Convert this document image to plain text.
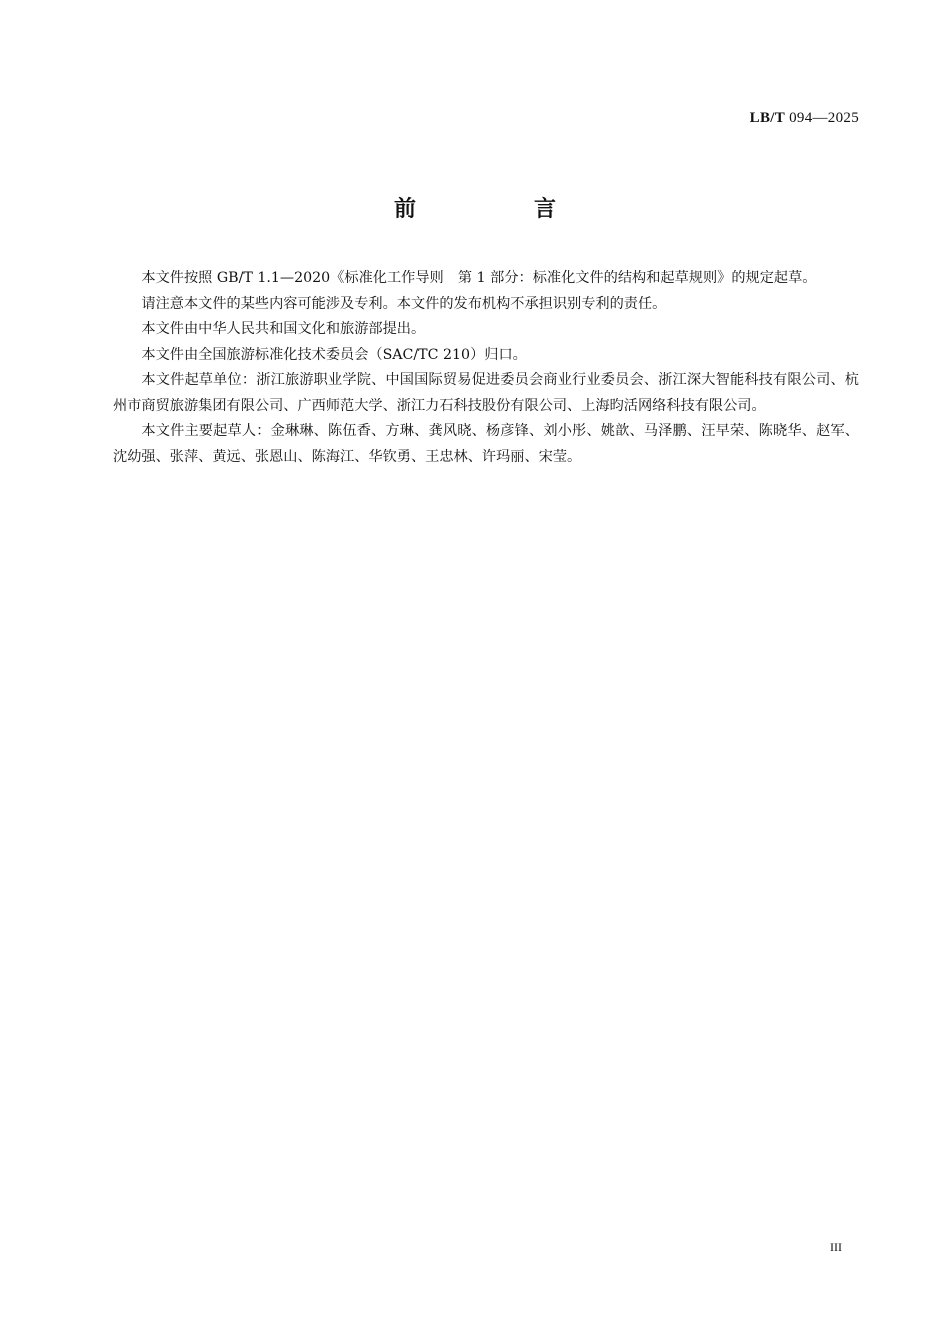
LB/T 094—2025
前　言

本文件按照 GB/T 1.1—2020《标准化工作导则　第 1 部分：标准化文件的结构和起草规则》的规定起草。

请注意本文件的某些内容可能涉及专利。本文件的发布机构不承担识别专利的责任。

本文件由中华人民共和国文化和旅游部提出。

本文件由全国旅游标准化技术委员会（SAC/TC 210）归口。

本文件起草单位：浙江旅游职业学院、中国国际贸易促进委员会商业行业委员会、浙江深大智能科技有限公司、杭州市商贸旅游集团有限公司、广西师范大学、浙江力石科技股份有限公司、上海昀活网络科技有限公司。

本文件主要起草人：金琳琳、陈伍香、方琳、龚风晓、杨彦锋、刘小彤、姚歆、马泽鹏、汪早荣、陈晓华、赵军、沈幼强、张萍、黄远、张恩山、陈海江、华钦勇、王忠林、许玛丽、宋莹。

III
